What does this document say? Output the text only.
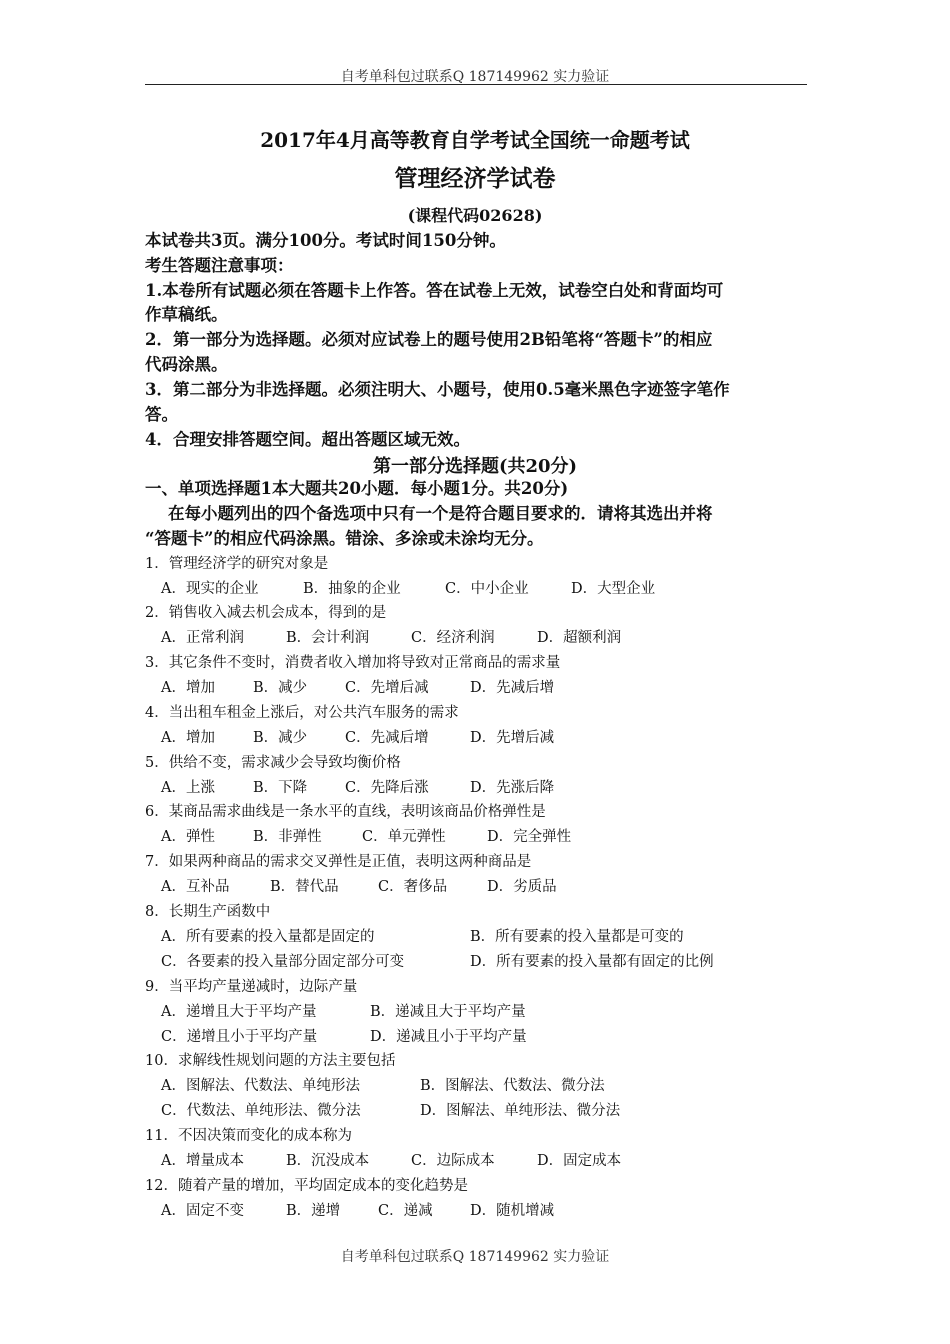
自考单科包过联系Q 187149962 实力验证
2017年4月高等教育自学考试全国统一命题考试
管理经济学试卷
(课程代码02628)
本试卷共3页。满分100分。考试时间150分钟。
考生答题注意事项：
1.本卷所有试题必须在答题卡上作答。答在试卷上无效，试卷空白处和背面均可
作草稿纸。
2．第一部分为选择题。必须对应试卷上的题号使用2B铅笔将“答题卡”的相应
代码涂黑。
3．第二部分为非选择题。必须注明大、小题号，使用0.5毫米黑色字迹签字笔作
答。
4．合理安排答题空间。超出答题区域无效。
第一部分选择题(共20分)
一、单项选择题1本大题共20小题．每小题1分。共20分)
在每小题列出的四个备选项中只有一个是符合题目要求的．请将其选出并将
“答题卡”的相应代码涂黑。错涂、多涂或未涂均无分。
1．管理经济学的研究对象是
A．现实的企业	B．抽象的企业	C．中小企业	D．大型企业
2．销售收入减去机会成本，得到的是
A．正常利润	B．会计利润	C．经济利润	D．超额利润
3．其它条件不变时，消费者收入增加将导致对正常商品的需求量
A．增加	B．减少	C．先增后减	D．先减后增
4．当出租车租金上涨后，对公共汽车服务的需求
A．增加	B．减少	C．先减后增	D．先增后减
5．供给不变，需求减少会导致均衡价格
A．上涨	B．下降	C．先降后涨	D．先涨后降
6．某商品需求曲线是一条水平的直线，表明该商品价格弹性是
A．弹性	B．非弹性	C．单元弹性	D．完全弹性
7．如果两种商品的需求交叉弹性是正值，表明这两种商品是
A．互补品	B．替代品	C．奢侈品	D．劣质品
8．长期生产函数中
A．所有要素的投入量都是固定的	B．所有要素的投入量都是可变的
C．各要素的投入量部分固定部分可变	D．所有要素的投入量都有固定的比例
9．当平均产量递减时，边际产量
A．递增且大于平均产量	B．递减且大于平均产量
C．递增且小于平均产量	D．递减且小于平均产量
10．求解线性规划问题的方法主要包括
A．图解法、代数法、单纯形法	B．图解法、代数法、微分法
C．代数法、单纯形法、微分法	D．图解法、单纯形法、微分法
11．不因决策而变化的成本称为
A．增量成本	B．沉没成本	C．边际成本	D．固定成本
12．随着产量的增加，平均固定成本的变化趋势是
A．固定不变	B．递增	C．递减	D．随机增减
自考单科包过联系Q 187149962 实力验证
